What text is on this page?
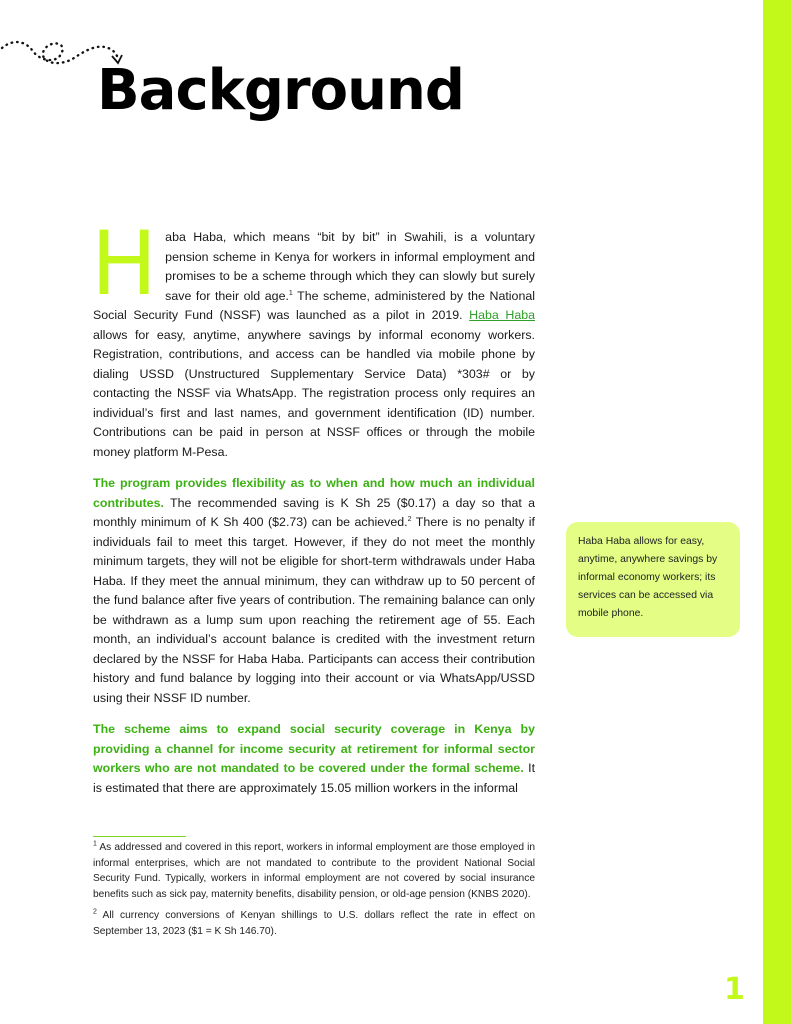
Background

Haba Haba, which means “bit by bit” in Swahili, is a voluntary pension scheme in Kenya for workers in informal employment and promises to be a scheme through which they can slowly but surely save for their old age.$^1$ The scheme, administered by the National Social Security Fund (NSSF) was launched as a pilot in 2019. Haba Haba allows for easy, anytime, anywhere savings by informal economy workers. Registration, contributions, and access can be handled via mobile phone by dialing USSD (Unstructured Supplementary Service Data) *303# or by contacting the NSSF via WhatsApp. The registration process only requires an individual’s first and last names, and government identification (ID) number. Contributions can be paid in person at NSSF offices or through the mobile money platform M-Pesa.

The program provides flexibility as to when and how much an individual contributes. The recommended saving is K Sh 25 ($0.17) a day so that a monthly minimum of K Sh 400 ($2.73) can be achieved.$^2$ There is no penalty if individuals fail to meet this target. However, if they do not meet the monthly minimum targets, they will not be eligible for short-term withdrawals under Haba Haba. If they meet the annual minimum, they can withdraw up to 50 percent of the fund balance after five years of contribution. The remaining balance can only be withdrawn as a lump sum upon reaching the retirement age of 55. Each month, an individual’s account balance is credited with the investment return declared by the NSSF for Haba Haba. Participants can access their contribution history and fund balance by logging into their account or via WhatsApp/USSD using their NSSF ID number.

The scheme aims to expand social security coverage in Kenya by providing a channel for income security at retirement for informal sector workers who are not mandated to be covered under the formal scheme. It is estimated that there are approximately 15.05 million workers in the informal

Haba Haba allows for easy, anytime, anywhere savings by informal economy workers; its services can be accessed via mobile phone.

$^1$ As addressed and covered in this report, workers in informal employment are those employed in informal enterprises, which are not mandated to contribute to the provident National Social Security Fund. Typically, workers in informal employment are not covered by social insurance benefits such as sick pay, maternity benefits, disability pension, or old-age pension (KNBS 2020).

$^2$ All currency conversions of Kenyan shillings to U.S. dollars reflect the rate in effect on September 13, 2023 ($1 = K Sh 146.70).

1
